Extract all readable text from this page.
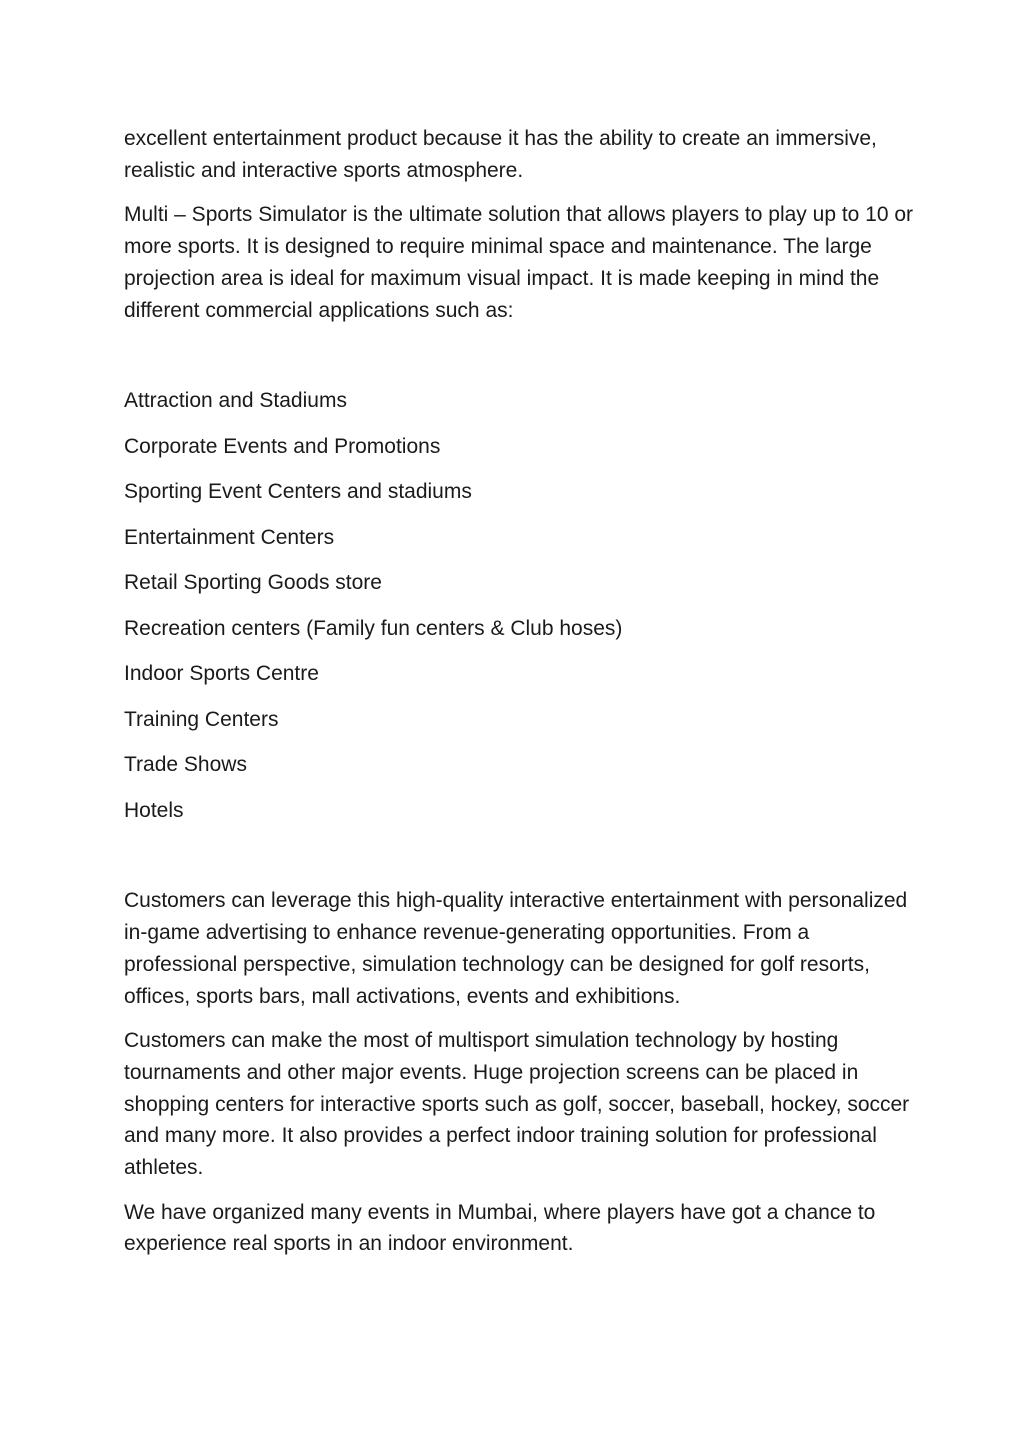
excellent entertainment product because it has the ability to create an immersive, realistic and interactive sports atmosphere.

Multi – Sports Simulator is the ultimate solution that allows players to play up to 10 or more sports. It is designed to require minimal space and maintenance. The large projection area is ideal for maximum visual impact. It is made keeping in mind the different commercial applications such as:

Attraction and Stadiums
Corporate Events and Promotions
Sporting Event Centers and stadiums
Entertainment Centers
Retail Sporting Goods store
Recreation centers (Family fun centers & Club hoses)
Indoor Sports Centre
Training Centers
Trade Shows
Hotels

Customers can leverage this high-quality interactive entertainment with personalized in-game advertising to enhance revenue-generating opportunities. From a professional perspective, simulation technology can be designed for golf resorts, offices, sports bars, mall activations, events and exhibitions.

Customers can make the most of multisport simulation technology by hosting tournaments and other major events. Huge projection screens can be placed in shopping centers for interactive sports such as golf, soccer, baseball, hockey, soccer and many more. It also provides a perfect indoor training solution for professional athletes.

We have organized many events in Mumbai, where players have got a chance to experience real sports in an indoor environment.
